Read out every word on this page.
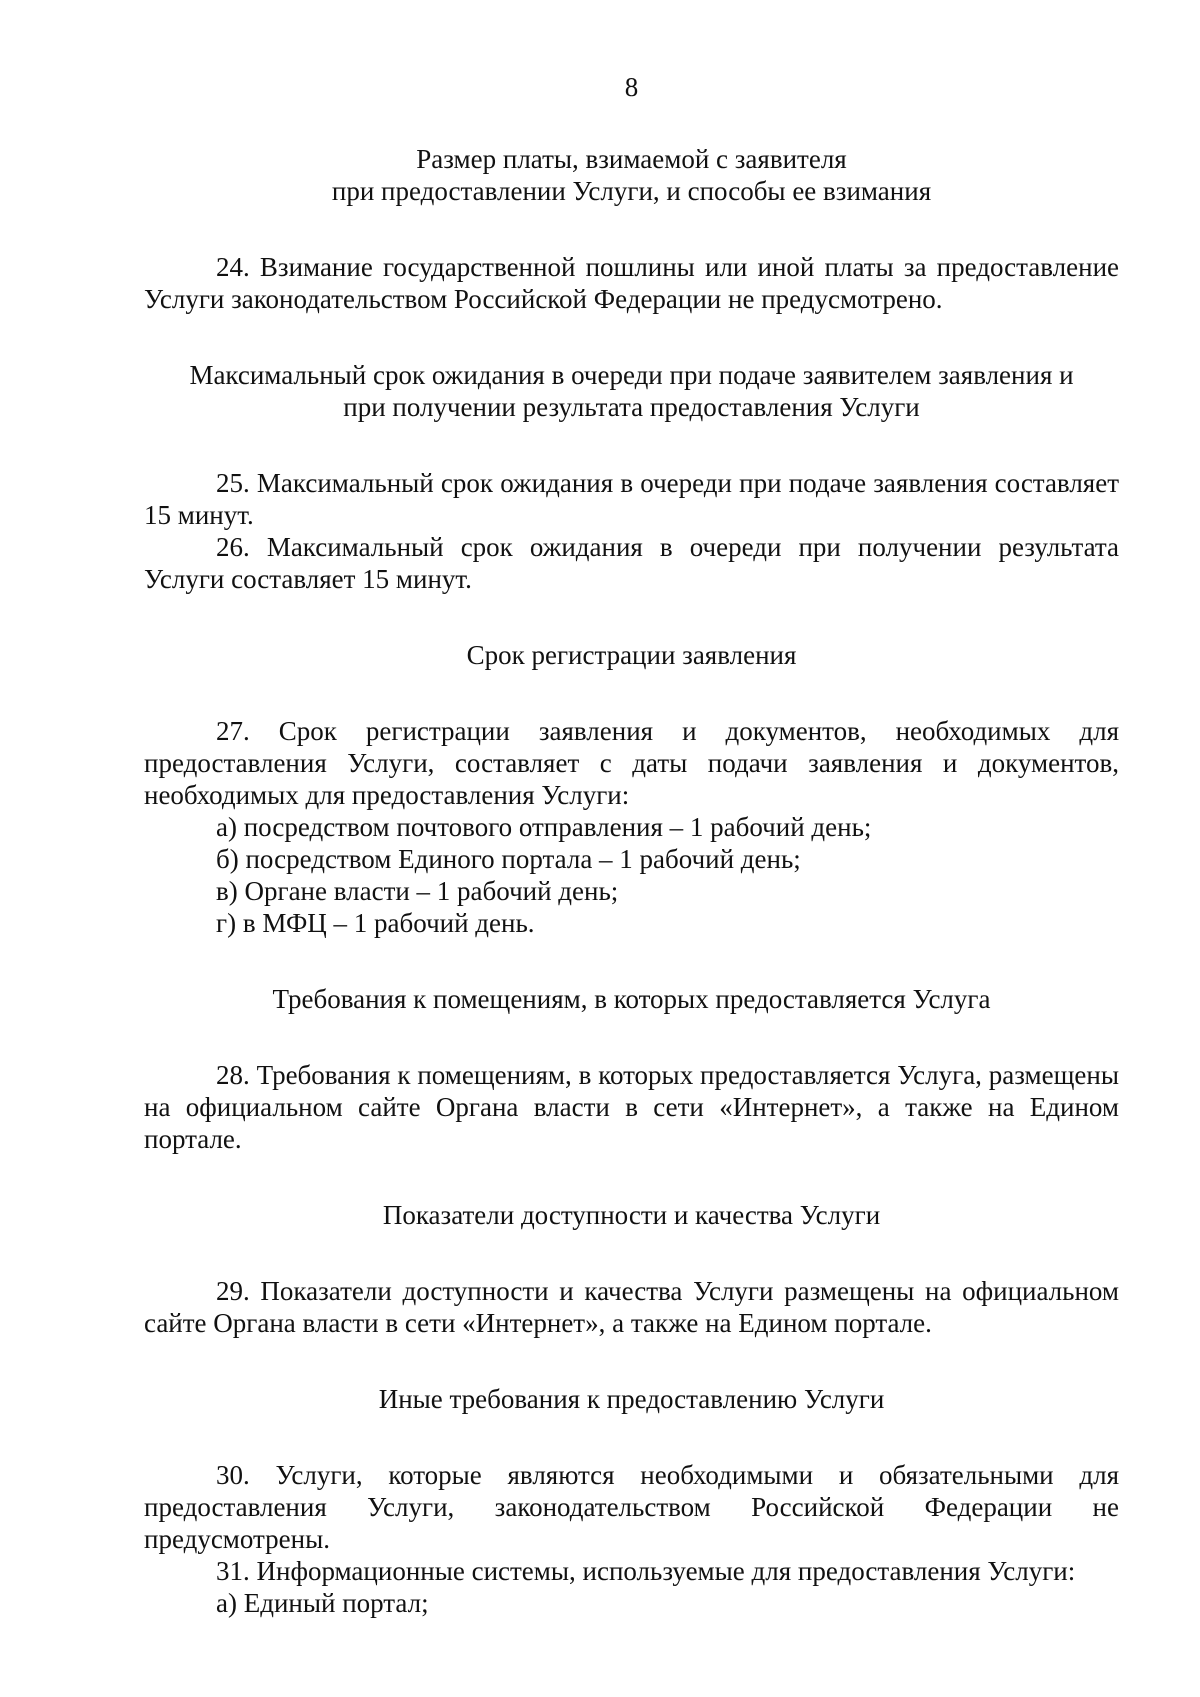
8
Размер платы, взимаемой с заявителя
при предоставлении Услуги, и способы ее взимания

24. Взимание государственной пошлины или иной платы за предоставление Услуги законодательством Российской Федерации не предусмотрено.

Максимальный срок ожидания в очереди при подаче заявителем заявления и
при получении результата предоставления Услуги

25. Максимальный срок ожидания в очереди при подаче заявления составляет 15 минут.

26. Максимальный срок ожидания в очереди при получении результата Услуги составляет 15 минут.

Срок регистрации заявления

27. Срок регистрации заявления и документов, необходимых для предоставления Услуги, составляет с даты подачи заявления и документов, необходимых для предоставления Услуги:

а) посредством почтового отправления – 1 рабочий день;

б) посредством Единого портала – 1 рабочий день;

в) Органе власти – 1 рабочий день;

г) в МФЦ – 1 рабочий день.

Требования к помещениям, в которых предоставляется Услуга

28. Требования к помещениям, в которых предоставляется Услуга, размещены на официальном сайте Органа власти в сети «Интернет», а также на Едином портале.

Показатели доступности и качества Услуги

29. Показатели доступности и качества Услуги размещены на официальном сайте Органа власти в сети «Интернет», а также на Едином портале.

Иные требования к предоставлению Услуги

30. Услуги, которые являются необходимыми и обязательными для предоставления Услуги, законодательством Российской Федерации не предусмотрены.

31. Информационные системы, используемые для предоставления Услуги:

а) Единый портал;
